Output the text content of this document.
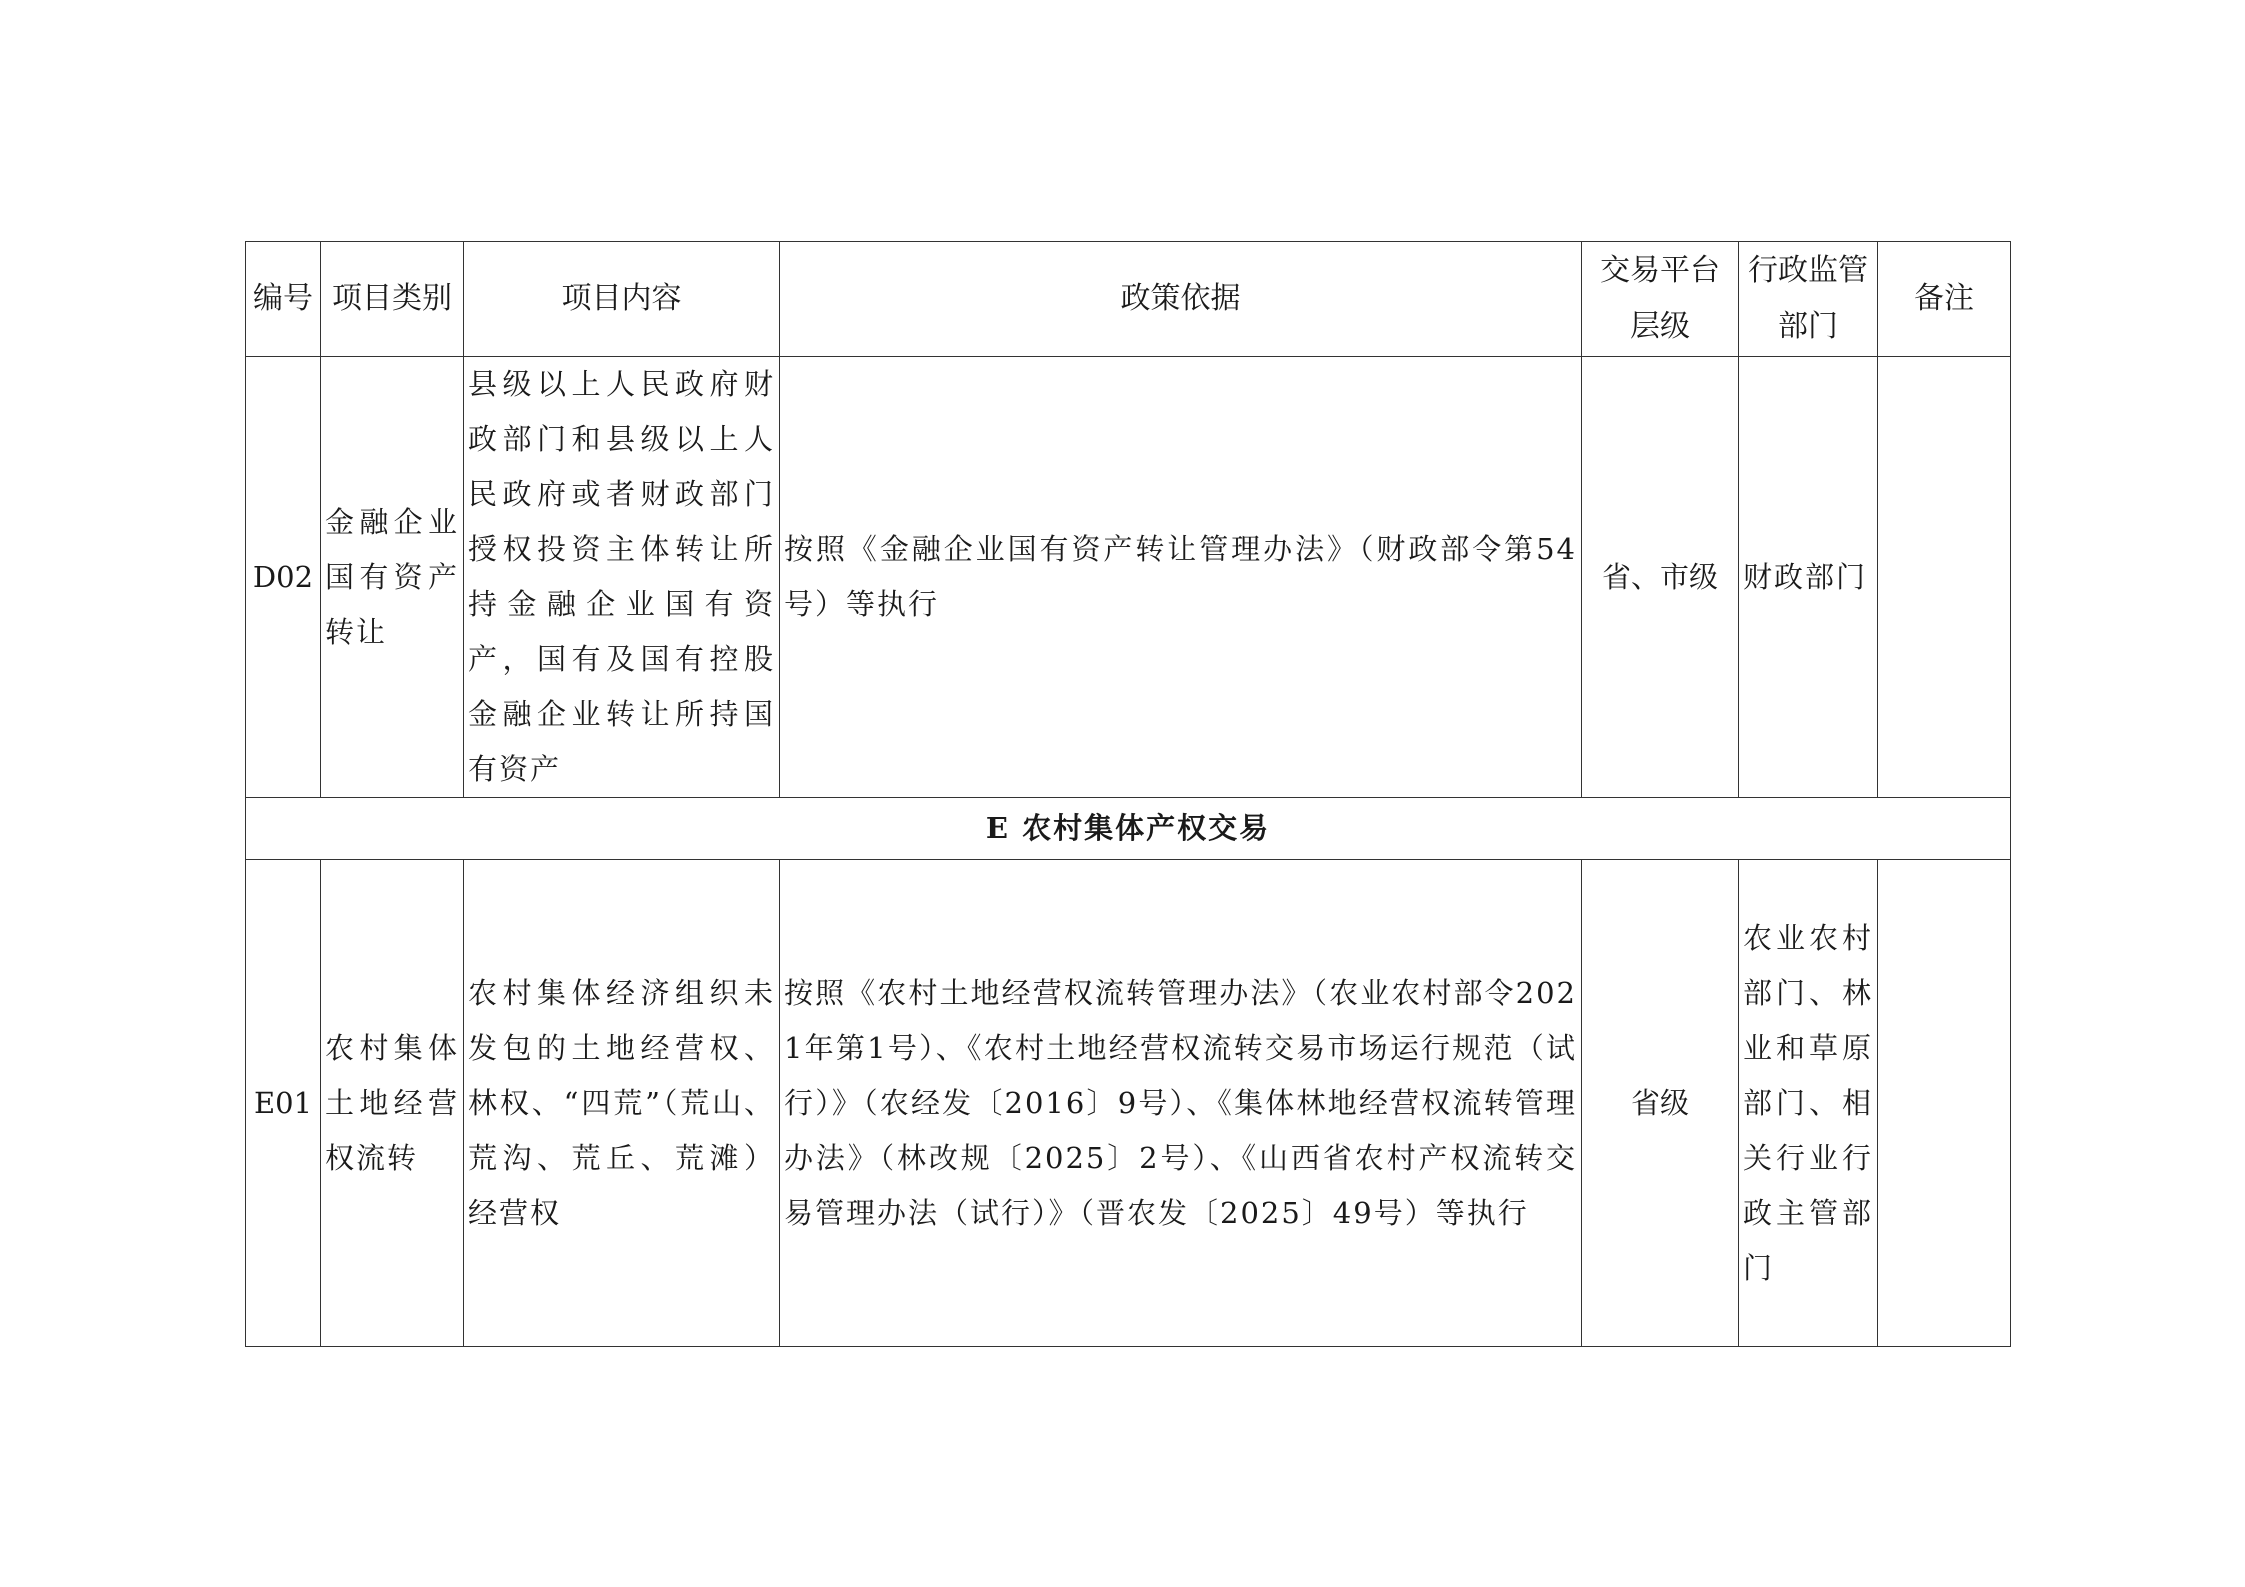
编号	项目类别	项目内容	政策依据	交易平台层级	行政监管部门	备注
D02	金融企业国有资产转让	县级以上人民政府财政部门和县级以上人民政府或者财政部门授权投资主体转让所持金融企业国有资产，国有及国有控股金融企业转让所持国有资产	按照《金融企业国有资产转让管理办法》（财政部令第54号）等执行	省、市级	财政部门	
E 农村集体产权交易						
E01	农村集体土地经营权流转	农村集体经济组织未发包的土地经营权、林权、“四荒”（荒山、荒沟、荒丘、荒滩）经营权	按照《农村土地经营权流转管理办法》（农业农村部令2021年第1号）、《农村土地经营权流转交易市场运行规范（试行）》（农经发〔2016〕9号）、《集体林地经营权流转管理办法》（林改规〔2025〕2号）、《山西省农村产权流转交易管理办法（试行）》（晋农发〔2025〕49号）等执行	省级	农业农村部门、林业和草原部门、相关行业行政主管部门	
